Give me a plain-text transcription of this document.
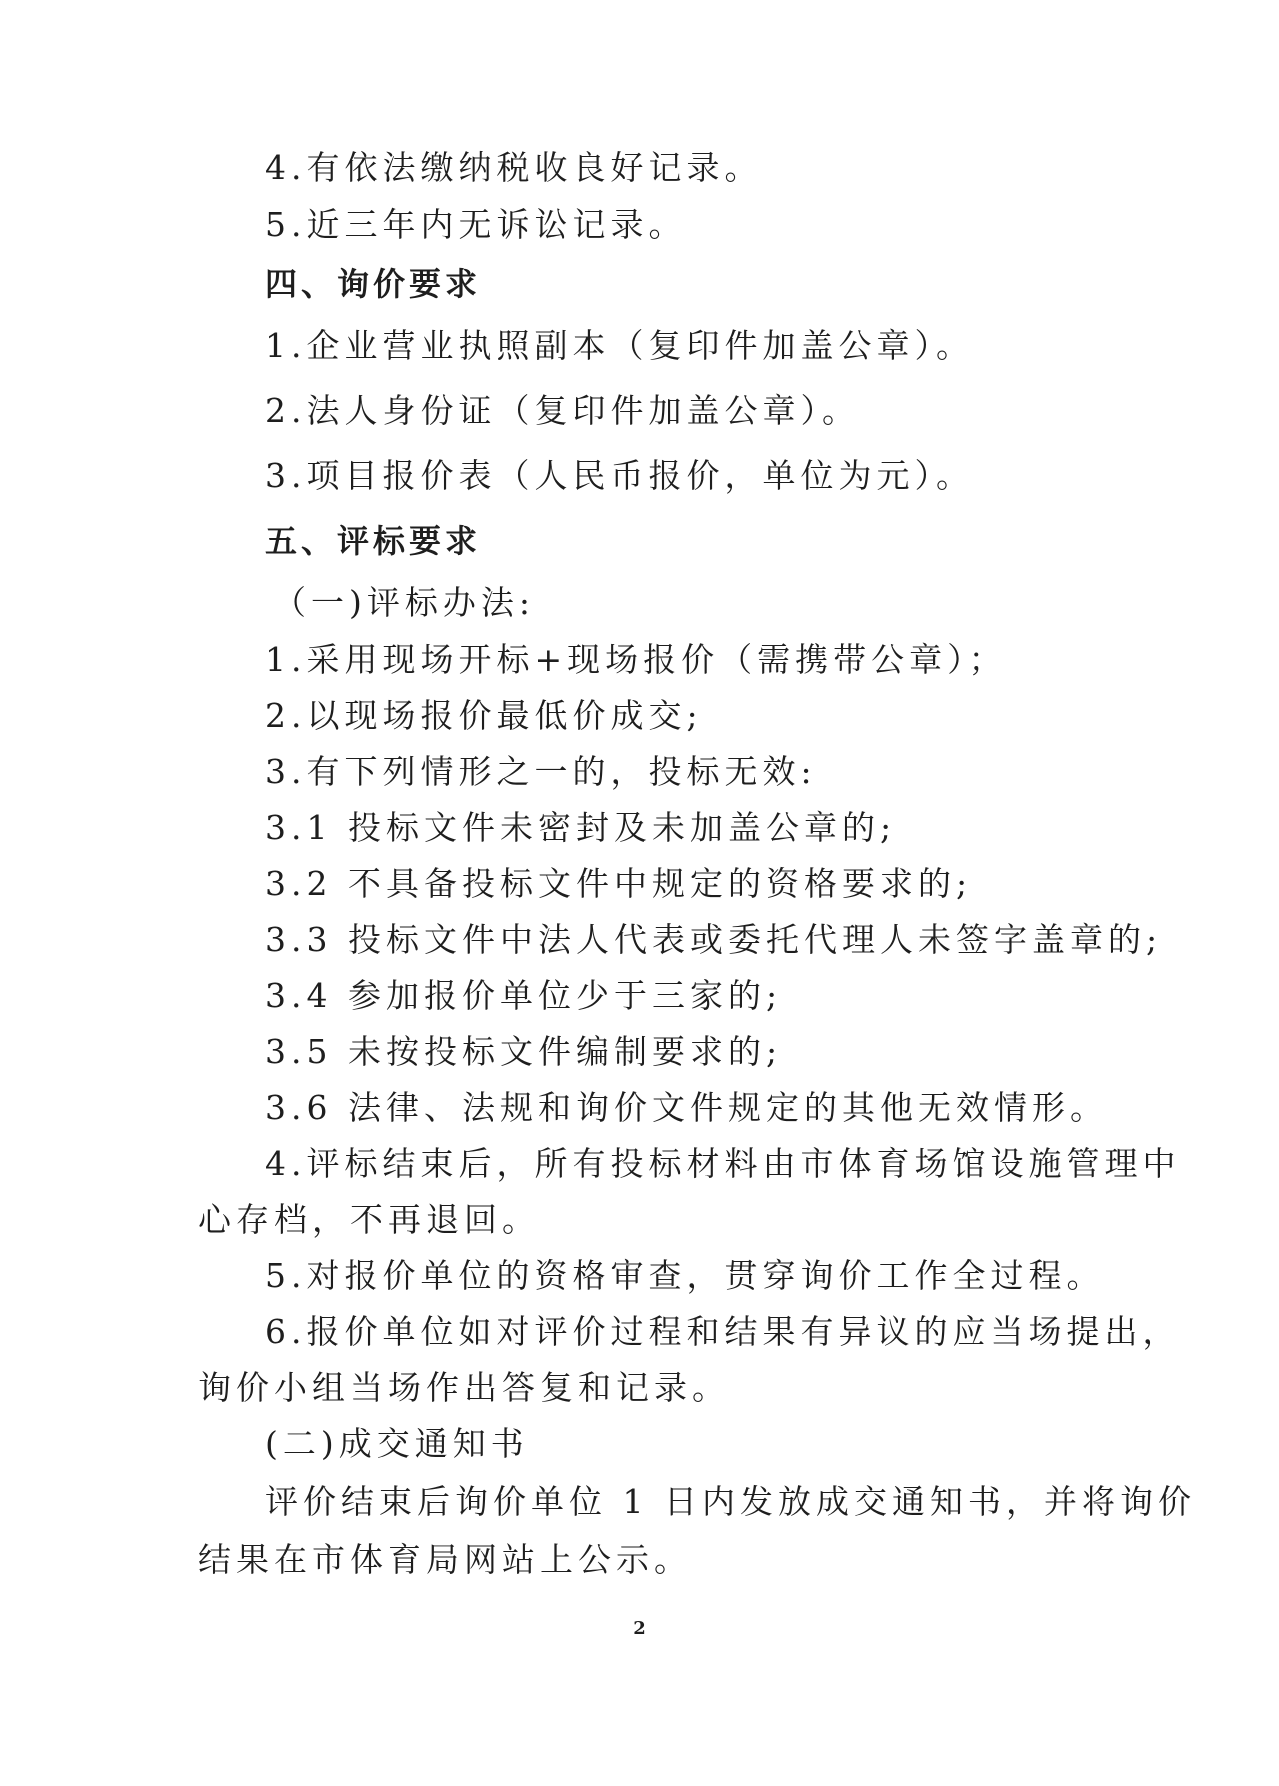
4.有依法缴纳税收良好记录。
5.近三年内无诉讼记录。
四、询价要求
1.企业营业执照副本（复印件加盖公章）。
2.法人身份证（复印件加盖公章）。
3.项目报价表（人民币报价，单位为元）。
五、评标要求
（一)评标办法:
1.采用现场开标+现场报价（需携带公章）；
2.以现场报价最低价成交;
3.有下列情形之一的，投标无效:
3.1 投标文件未密封及未加盖公章的;
3.2 不具备投标文件中规定的资格要求的;
3.3 投标文件中法人代表或委托代理人未签字盖章的;
3.4 参加报价单位少于三家的;
3.5 未按投标文件编制要求的;
3.6 法律、法规和询价文件规定的其他无效情形。
4.评标结束后，所有投标材料由市体育场馆设施管理中
心存档，不再退回。
5.对报价单位的资格审查，贯穿询价工作全过程。
6.报价单位如对评价过程和结果有异议的应当场提出，
询价小组当场作出答复和记录。
(二)成交通知书
评价结束后询价单位 1 日内发放成交通知书，并将询价
结果在市体育局网站上公示。
2
